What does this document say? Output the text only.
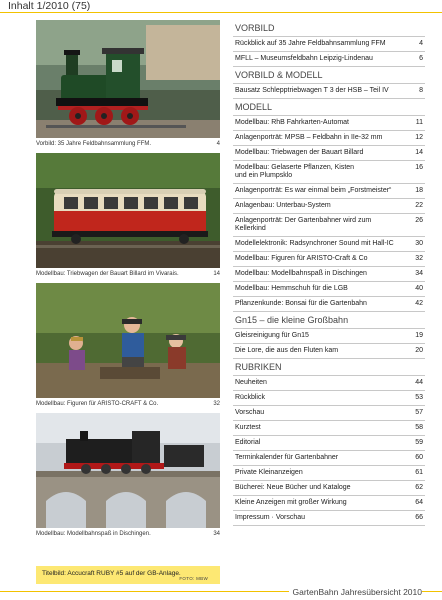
Inhalt 1/2010 (75)
Vorbild: 35 Jahre Feldbahnsammlung FFM.	4
Modellbau: Triebwagen der Bauart Billard im Vivarais.	14
Modellbau: Figuren für ARISTO-CRAFT & Co.	32
Modellbau: Modellbahnspaß in Dischingen.	34
Titelbild: Accucraft RUBY #5 auf der GB-Anlage.
FOTO: MBW
VORBILD
Rückblick auf 35 Jahre Feldbahnsammlung FFM	4
MFLL – Museumsfeldbahn Leipzig-Lindenau	6
VORBILD & MODELL
Bausatz Schlepptriebwagen T 3 der HSB – Teil IV	8
MODELL
Modellbau: RhB Fahrkarten-Automat	11
Anlagenporträt: MPSB – Feldbahn in IIe-32 mm	12
Modellbau: Triebwagen der Bauart Billard	14
Modellbau: Gelaserte Pflanzen, Kisten
und ein Plumpsklo
16
Anlagenporträt: Es war einmal beim „Forstmeister“	18
Anlagenbau: Unterbau-System	22
Anlagenporträt: Der Gartenbahner wird zum
Kellerkind
26
Modellelektronik: Radsynchroner Sound mit Hall-IC	30
Modellbau: Figuren für ARISTO-Craft & Co	32
Modellbau: Modellbahnspaß in Dischingen	34
Modellbau: Hemmschuh für die LGB	40
Pflanzenkunde: Bonsai für die Gartenbahn	42
Gn15 – die kleine Großbahn
Gleisreinigung für Gn15	19
Die Lore, die aus den Fluten kam	20
RUBRIKEN
Neuheiten	44
Rückblick	53
Vorschau	57
Kurztest	58
Editorial	59
Terminkalender für Gartenbahner	60
Private Kleinanzeigen	61
Bücherei: Neue Bücher und Kataloge	62
Kleine Anzeigen mit großer Wirkung	64
Impressum · Vorschau	66
GartenBahn Jahresübersicht 2010
